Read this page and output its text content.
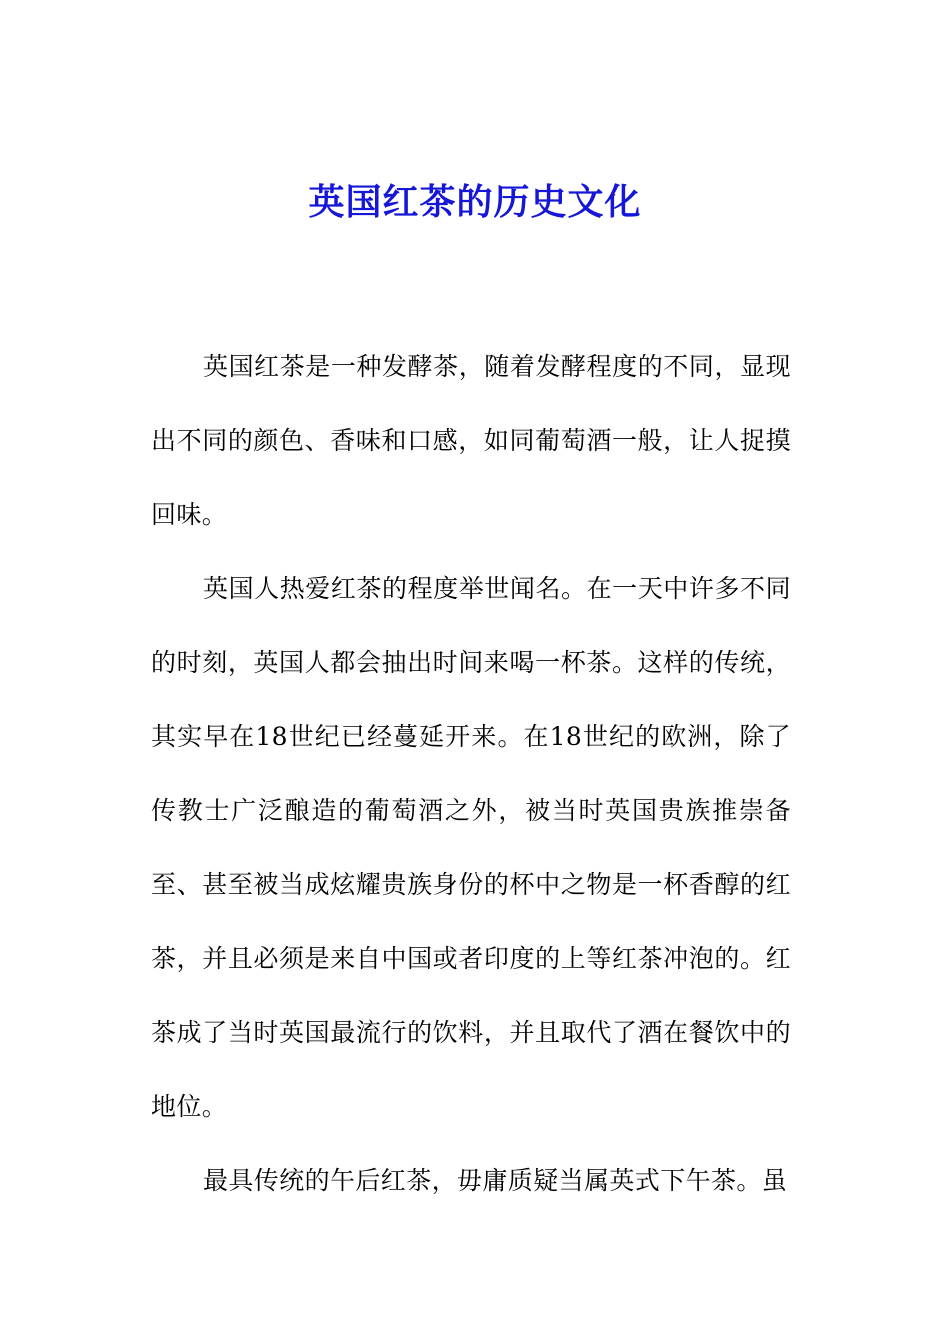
英国红茶的历史文化

英国红茶是一种发酵茶，随着发酵程度的不同，显现出不同的颜色、香味和口感，如同葡萄酒一般，让人捉摸回味。

英国人热爱红茶的程度举世闻名。在一天中许多不同的时刻，英国人都会抽出时间来喝一杯茶。这样的传统，其实早在18世纪已经蔓延开来。在18世纪的欧洲，除了传教士广泛酿造的葡萄酒之外，被当时英国贵族推崇备至、甚至被当成炫耀贵族身份的杯中之物是一杯香醇的红茶，并且必须是来自中国或者印度的上等红茶冲泡的。红茶成了当时英国最流行的饮料，并且取代了酒在餐饮中的地位。

最具传统的午后红茶，毋庸质疑当属英式下午茶。虽
